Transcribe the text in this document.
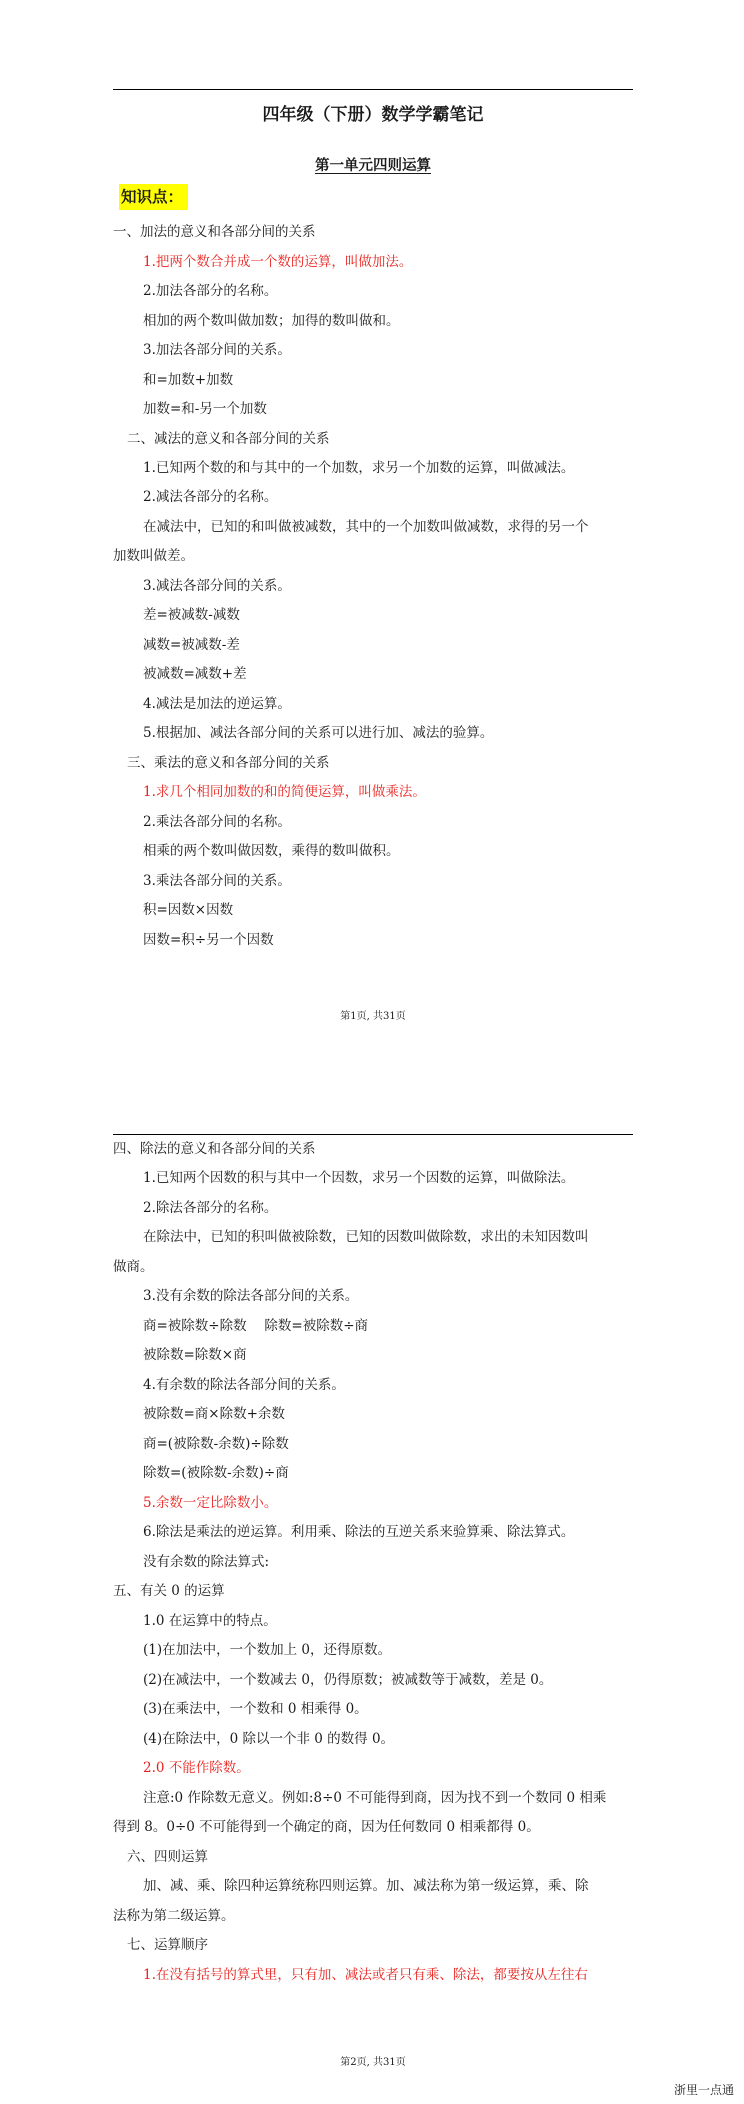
四年级（下册）数学学霸笔记
第一单元四则运算
知识点：
一、加法的意义和各部分间的关系
1.把两个数合并成一个数的运算，叫做加法。
2.加法各部分的名称。
相加的两个数叫做加数；加得的数叫做和。
3.加法各部分间的关系。
和=加数+加数
加数=和-另一个加数
二、减法的意义和各部分间的关系
1.已知两个数的和与其中的一个加数，求另一个加数的运算，叫做减法。
2.减法各部分的名称。
在减法中，已知的和叫做被减数，其中的一个加数叫做减数，求得的另一个
加数叫做差。
3.减法各部分间的关系。
差=被减数-减数
减数=被减数-差
被减数=减数+差
4.减法是加法的逆运算。
5.根据加、减法各部分间的关系可以进行加、减法的验算。
三、乘法的意义和各部分间的关系
1.求几个相同加数的和的简便运算，叫做乘法。
2.乘法各部分间的名称。
相乘的两个数叫做因数，乘得的数叫做积。
3.乘法各部分间的关系。
积=因数×因数
因数=积÷另一个因数
第1页, 共31页
四、除法的意义和各部分间的关系
1.已知两个因数的积与其中一个因数，求另一个因数的运算，叫做除法。
2.除法各部分的名称。
在除法中，已知的积叫做被除数，已知的因数叫做除数，求出的未知因数叫
做商。
3.没有余数的除法各部分间的关系。
商=被除数÷除数　 除数=被除数÷商
被除数=除数×商
4.有余数的除法各部分间的关系。
被除数=商×除数+余数
商=(被除数-余数)÷除数
除数=(被除数-余数)÷商
5.余数一定比除数小。
6.除法是乘法的逆运算。利用乘、除法的互逆关系来验算乘、除法算式。
没有余数的除法算式:
五、有关 0 的运算
1.0 在运算中的特点。
(1)在加法中，一个数加上 0，还得原数。
(2)在减法中，一个数减去 0，仍得原数；被减数等于减数，差是 0。
(3)在乘法中，一个数和 0 相乘得 0。
(4)在除法中，0 除以一个非 0 的数得 0。
2.0 不能作除数。
注意:0 作除数无意义。例如:8÷0 不可能得到商，因为找不到一个数同 0 相乘
得到 8。0÷0 不可能得到一个确定的商，因为任何数同 0 相乘都得 0。
六、四则运算
加、减、乘、除四种运算统称四则运算。加、减法称为第一级运算，乘、除
法称为第二级运算。
七、运算顺序
1.在没有括号的算式里，只有加、减法或者只有乘、除法，都要按从左往右
第2页, 共31页
浙里一点通
